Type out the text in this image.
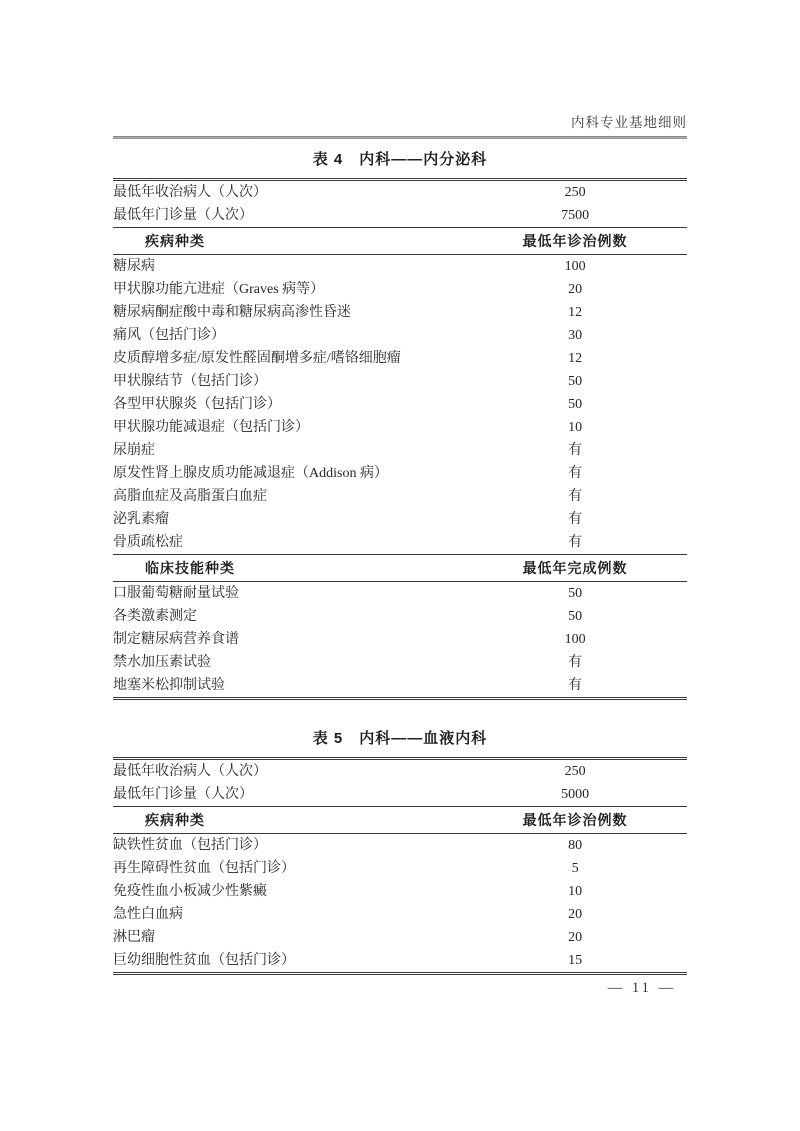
内科专业基地细则
表 4　内科——内分泌科
最低年收治病人（人次）	250
最低年门诊量（人次）	7500
疾病种类	最低年诊治例数
糖尿病	100
甲状腺功能亢进症（Graves 病等）	20
糖尿病酮症酸中毒和糖尿病高渗性昏迷	12
痛风（包括门诊）	30
皮质醇增多症/原发性醛固酮增多症/嗜铬细胞瘤	12
甲状腺结节（包括门诊）	50
各型甲状腺炎（包括门诊）	50
甲状腺功能减退症（包括门诊）	10
尿崩症	有
原发性肾上腺皮质功能减退症（Addison 病）	有
高脂血症及高脂蛋白血症	有
泌乳素瘤	有
骨质疏松症	有
临床技能种类	最低年完成例数
口服葡萄糖耐量试验	50
各类激素测定	50
制定糖尿病营养食谱	100
禁水加压素试验	有
地塞米松抑制试验	有
表 5　内科——血液内科
最低年收治病人（人次）	250
最低年门诊量（人次）	5000
疾病种类	最低年诊治例数
缺铁性贫血（包括门诊）	80
再生障碍性贫血（包括门诊）	5
免疫性血小板减少性紫癜	10
急性白血病	20
淋巴瘤	20
巨幼细胞性贫血（包括门诊）	15
— 11 —
